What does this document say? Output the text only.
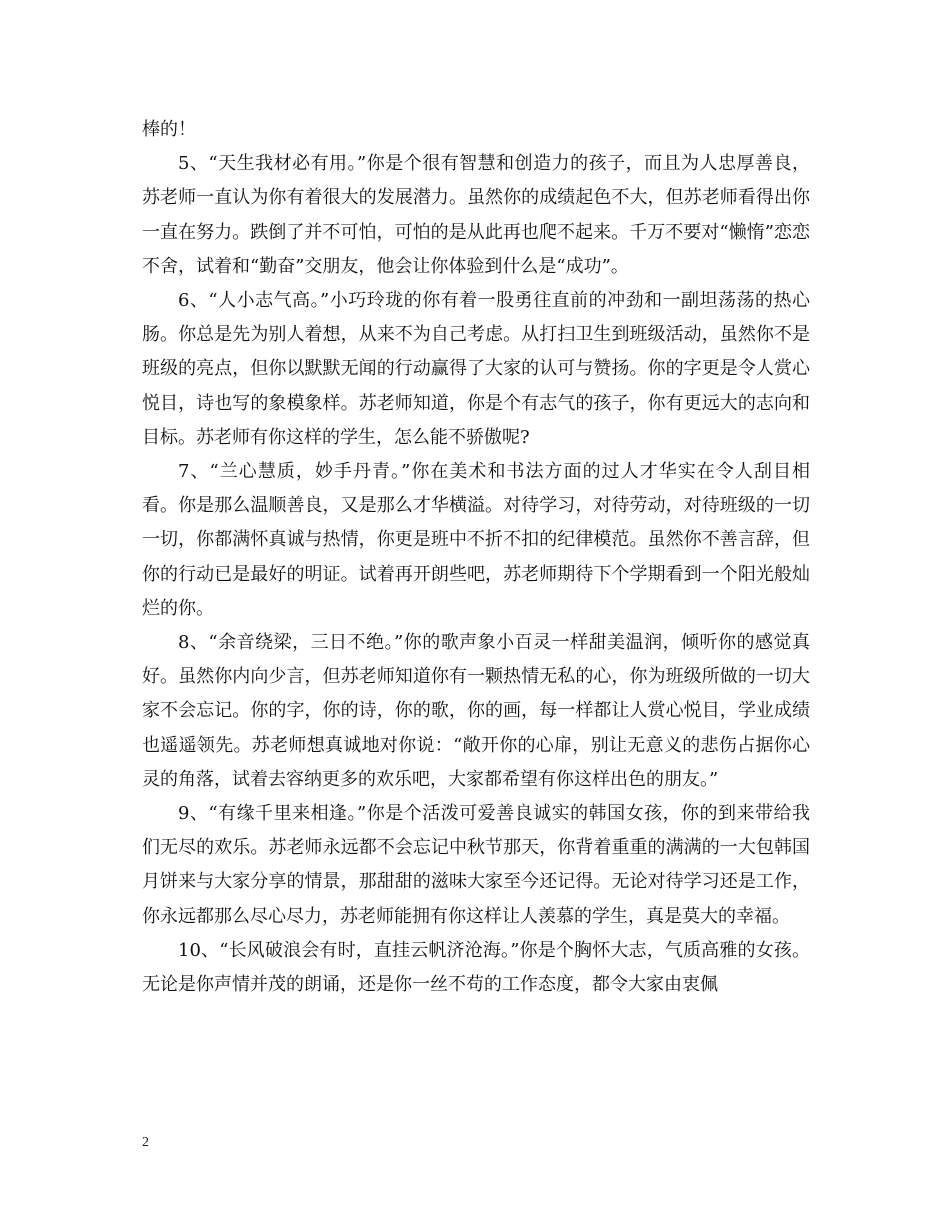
棒的！

5、“天生我材必有用。”你是个很有智慧和创造力的孩子，而且为人忠厚善良，苏老师一直认为你有着很大的发展潜力。虽然你的成绩起色不大，但苏老师看得出你一直在努力。跌倒了并不可怕，可怕的是从此再也爬不起来。千万不要对“懒惰”恋恋不舍，试着和“勤奋”交朋友，他会让你体验到什么是“成功”。

6、“人小志气高。”小巧玲珑的你有着一股勇往直前的冲劲和一副坦荡荡的热心肠。你总是先为别人着想，从来不为自己考虑。从打扫卫生到班级活动，虽然你不是班级的亮点，但你以默默无闻的行动赢得了大家的认可与赞扬。你的字更是令人赏心悦目，诗也写的象模象样。苏老师知道，你是个有志气的孩子，你有更远大的志向和目标。苏老师有你这样的学生，怎么能不骄傲呢?

7、“兰心慧质，妙手丹青。”你在美术和书法方面的过人才华实在令人刮目相看。你是那么温顺善良，又是那么才华横溢。对待学习，对待劳动，对待班级的一切一切，你都满怀真诚与热情，你更是班中不折不扣的纪律模范。虽然你不善言辞，但你的行动已是最好的明证。试着再开朗些吧，苏老师期待下个学期看到一个阳光般灿烂的你。

8、“余音绕梁，三日不绝。”你的歌声象小百灵一样甜美温润，倾听你的感觉真好。虽然你内向少言，但苏老师知道你有一颗热情无私的心，你为班级所做的一切大家不会忘记。你的字，你的诗，你的歌，你的画，每一样都让人赏心悦目，学业成绩也遥遥领先。苏老师想真诚地对你说：“敞开你的心扉，别让无意义的悲伤占据你心灵的角落，试着去容纳更多的欢乐吧，大家都希望有你这样出色的朋友。”

9、“有缘千里来相逢。”你是个活泼可爱善良诚实的韩国女孩，你的到来带给我们无尽的欢乐。苏老师永远都不会忘记中秋节那天，你背着重重的满满的一大包韩国月饼来与大家分享的情景，那甜甜的滋味大家至今还记得。无论对待学习还是工作，你永远都那么尽心尽力，苏老师能拥有你这样让人羡慕的学生，真是莫大的幸福。

10、“长风破浪会有时，直挂云帆济沧海。”你是个胸怀大志，气质高雅的女孩。无论是你声情并茂的朗诵，还是你一丝不苟的工作态度，都令大家由衷佩

2
